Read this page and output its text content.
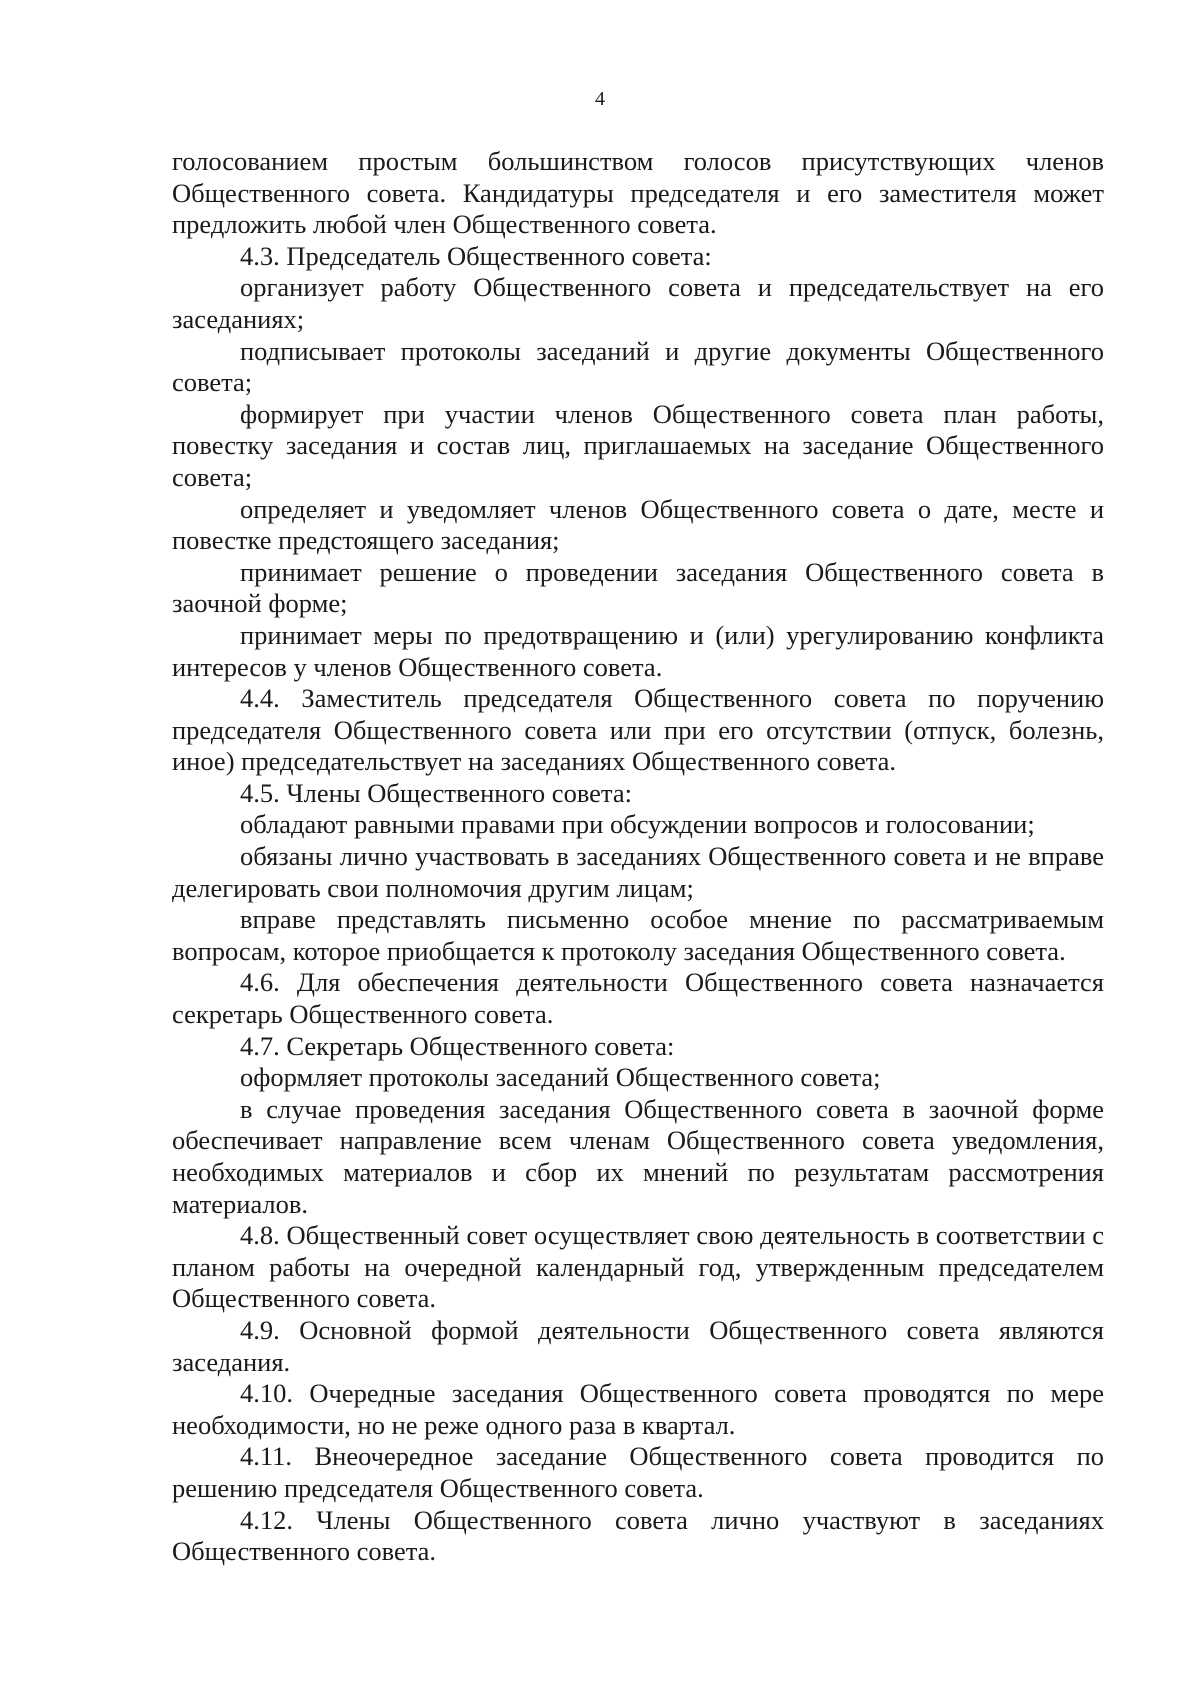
4

голосованием простым большинством голосов присутствующих членов Общественного совета. Кандидатуры председателя и его заместителя может предложить любой член Общественного совета.

4.3. Председатель Общественного совета:

организует работу Общественного совета и председательствует на его заседаниях;

подписывает протоколы заседаний и другие документы Общественного совета;

формирует при участии членов Общественного совета план работы, повестку заседания и состав лиц, приглашаемых на заседание Общественного совета;

определяет и уведомляет членов Общественного совета о дате, месте и повестке предстоящего заседания;

принимает решение о проведении заседания Общественного совета в заочной форме;

принимает меры по предотвращению и (или) урегулированию конфликта интересов у членов Общественного совета.

4.4. Заместитель председателя Общественного совета по поручению председателя Общественного совета или при его отсутствии (отпуск, болезнь, иное) председательствует на заседаниях Общественного совета.

4.5. Члены Общественного совета:

обладают равными правами при обсуждении вопросов и голосовании;

обязаны лично участвовать в заседаниях Общественного совета и не вправе делегировать свои полномочия другим лицам;

вправе представлять письменно особое мнение по рассматриваемым вопросам, которое приобщается к протоколу заседания Общественного совета.

4.6. Для обеспечения деятельности Общественного совета назначается секретарь Общественного совета.

4.7. Секретарь Общественного совета:

оформляет протоколы заседаний Общественного совета;

в случае проведения заседания Общественного совета в заочной форме обеспечивает направление всем членам Общественного совета уведомления, необходимых материалов и сбор их мнений по результатам рассмотрения материалов.

4.8. Общественный совет осуществляет свою деятельность в соответствии с планом работы на очередной календарный год, утвержденным председателем Общественного совета.

4.9. Основной формой деятельности Общественного совета являются заседания.

4.10. Очередные заседания Общественного совета проводятся по мере необходимости, но не реже одного раза в квартал.

4.11. Внеочередное заседание Общественного совета проводится по решению председателя Общественного совета.

4.12. Члены Общественного совета лично участвуют в заседаниях Общественного совета.
